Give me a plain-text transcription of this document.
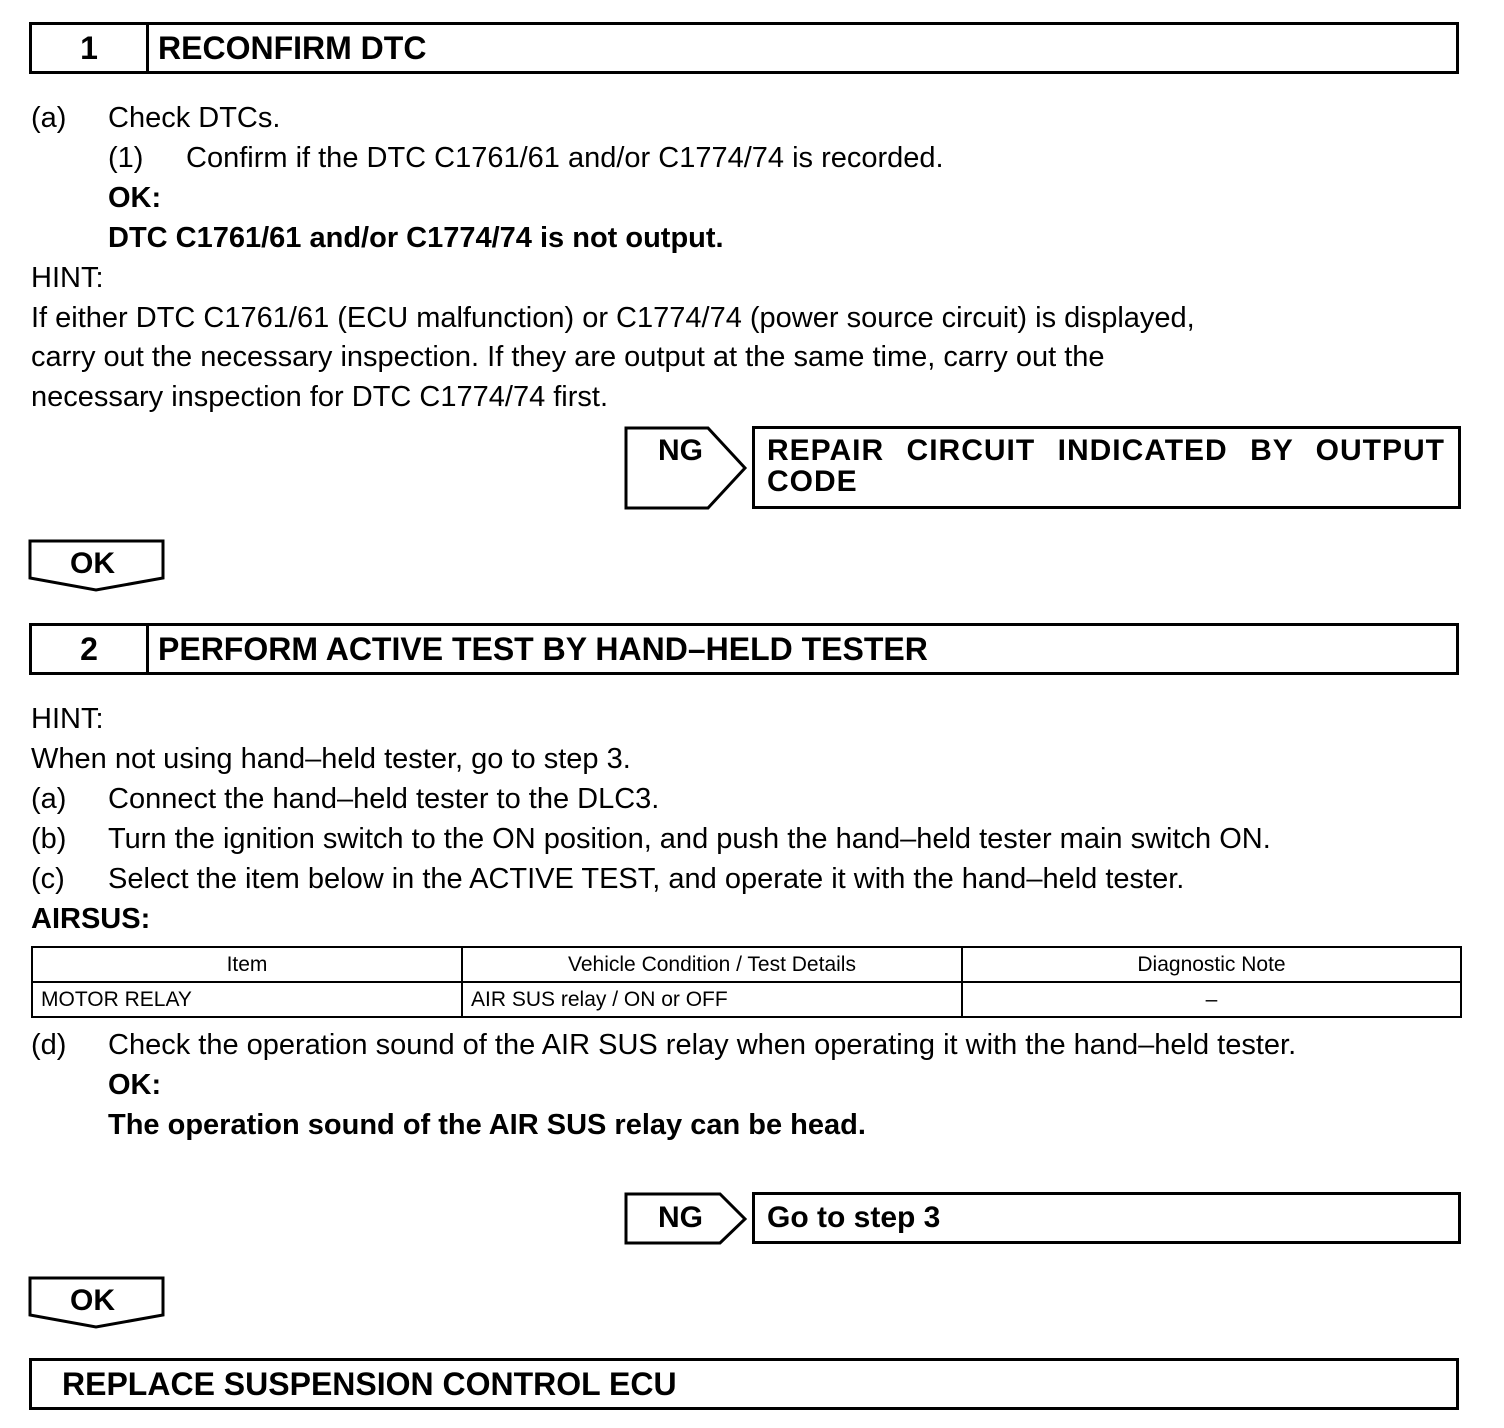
1	RECONFIRM DTC
(a) Check DTCs.
(1) Confirm if the DTC C1761/61 and/or C1774/74 is recorded.
OK:
DTC C1761/61 and/or C1774/74 is not output.
HINT:
If either DTC C1761/61 (ECU malfunction) or C1774/74 (power source circuit) is displayed,
carry out the necessary inspection. If they are output at the same time, carry out the
necessary inspection for DTC C1774/74 first.
NG REPAIR CIRCUIT INDICATED BY OUTPUT CODE
OK
2	PERFORM ACTIVE TEST BY HAND–HELD TESTER
HINT:
When not using hand–held tester, go to step 3.
(a) Connect the hand–held tester to the DLC3.
(b) Turn the ignition switch to the ON position, and push the hand–held tester main switch ON.
(c) Select the item below in the ACTIVE TEST, and operate it with the hand–held tester.
AIRSUS:
Item	Vehicle Condition / Test Details	Diagnostic Note
MOTOR RELAY	AIR SUS relay / ON or OFF	–
(d) Check the operation sound of the AIR SUS relay when operating it with the hand–held tester.
OK:
The operation sound of the AIR SUS relay can be head.
NG Go to step 3
OK
REPLACE SUSPENSION CONTROL ECU
